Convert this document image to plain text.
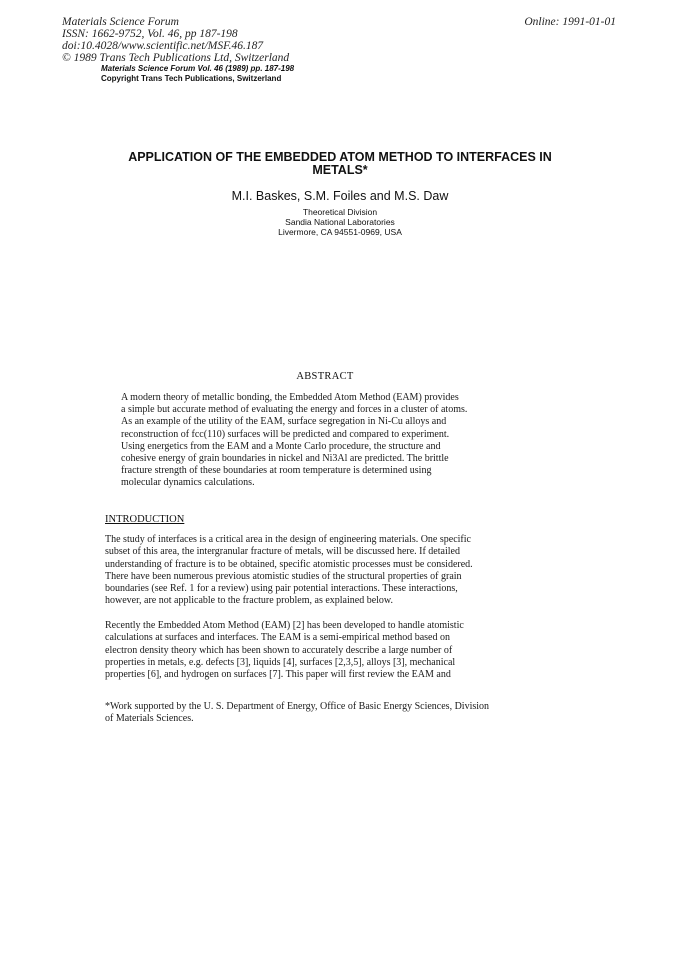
Materials Science Forum
ISSN: 1662-9752, Vol. 46, pp 187-198
doi:10.4028/www.scientific.net/MSF.46.187
© 1989 Trans Tech Publications Ltd, Switzerland
Online: 1991-01-01
Materials Science Forum Vol. 46 (1989) pp. 187-198
Copyright Trans Tech Publications, Switzerland
APPLICATION OF THE EMBEDDED ATOM METHOD TO INTERFACES IN
METALS*
M.I. Baskes, S.M. Foiles and M.S. Daw
Theoretical Division
Sandia National Laboratories
Livermore, CA 94551-0969, USA
ABSTRACT
A modern theory of metallic bonding, the Embedded Atom Method (EAM) provides
a simple but accurate method of evaluating the energy and forces in a cluster of atoms.
As an example of the utility of the EAM, surface segregation in Ni-Cu alloys and
reconstruction of fcc(110) surfaces will be predicted and compared to experiment.
Using energetics from the EAM and a Monte Carlo procedure, the structure and
cohesive energy of grain boundaries in nickel and Ni3Al are predicted. The brittle
fracture strength of these boundaries at room temperature is determined using
molecular dynamics calculations.
INTRODUCTION
The study of interfaces is a critical area in the design of engineering materials. One specific
subset of this area, the intergranular fracture of metals, will be discussed here. If detailed
understanding of fracture is to be obtained, specific atomistic processes must be considered.
There have been numerous previous atomistic studies of the structural properties of grain
boundaries (see Ref. 1 for a review) using pair potential interactions. These interactions,
however, are not applicable to the fracture problem, as explained below.
Recently the Embedded Atom Method (EAM) [2] has been developed to handle atomistic
calculations at surfaces and interfaces. The EAM is a semi-empirical method based on
electron density theory which has been shown to accurately describe a large number of
properties in metals, e.g. defects [3], liquids [4], surfaces [2,3,5], alloys [3], mechanical
properties [6], and hydrogen on surfaces [7]. This paper will first review the EAM and
*Work supported by the U. S. Department of Energy, Office of Basic Energy Sciences, Division
of Materials Sciences.
